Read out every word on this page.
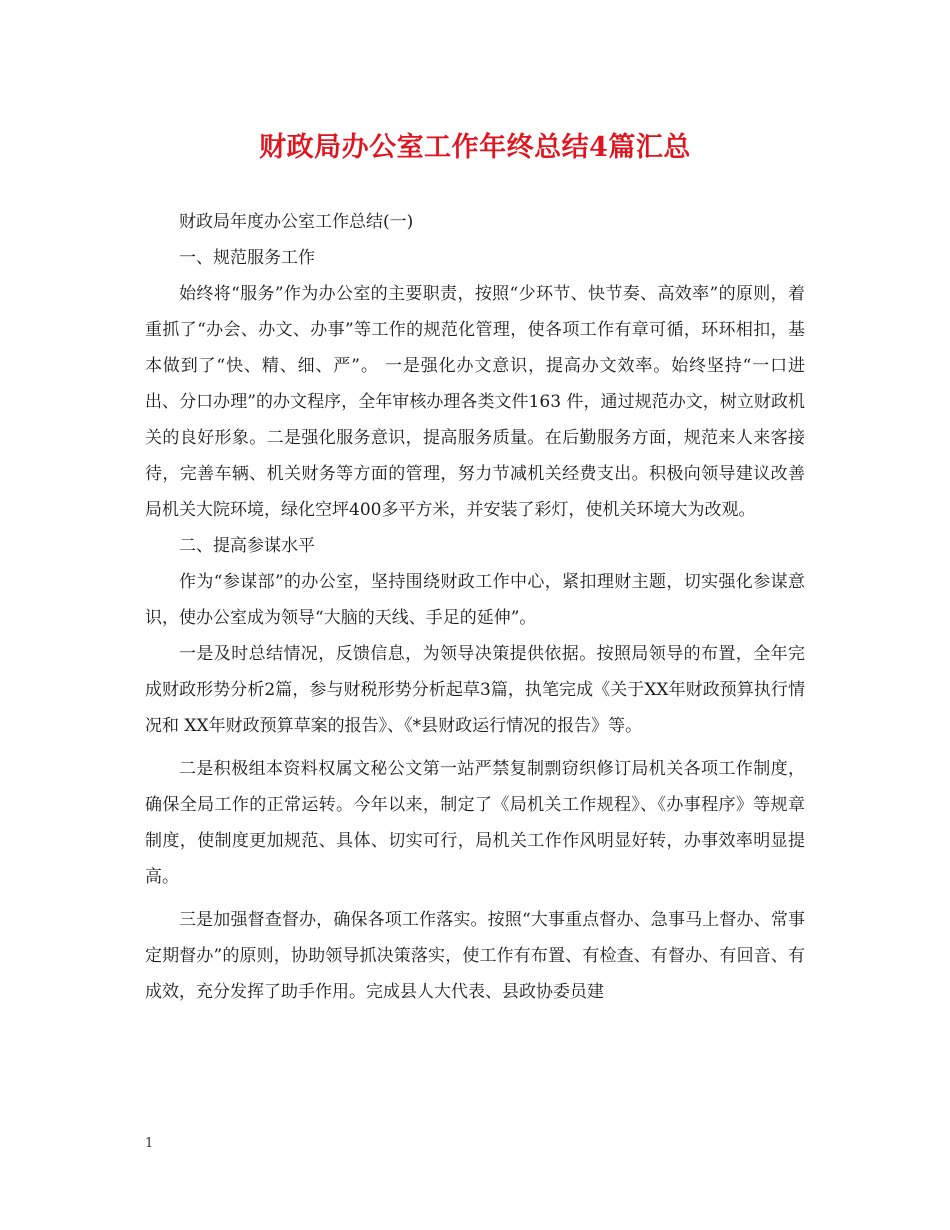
财政局办公室工作年终总结4篇汇总

财政局年度办公室工作总结(一)

一、规范服务工作

始终将“服务”作为办公室的主要职责，按照“少环节、快节奏、高效率”的原则，着重抓了“办会、办文、办事”等工作的规范化管理，使各项工作有章可循，环环相扣，基本做到了“快、精、细、严”。 一是强化办文意识，提高办文效率。始终坚持“一口进出、分口办理”的办文程序，全年审核办理各类文件163 件，通过规范办文，树立财政机关的良好形象。二是强化服务意识，提高服务质量。在后勤服务方面，规范来人来客接待，完善车辆、机关财务等方面的管理，努力节减机关经费支出。积极向领导建议改善局机关大院环境，绿化空坪400多平方米，并安装了彩灯，使机关环境大为改观。

二、提高参谋水平

作为“参谋部”的办公室，坚持围绕财政工作中心，紧扣理财主题，切实强化参谋意识，使办公室成为领导“大脑的天线、手足的延伸”。

一是及时总结情况，反馈信息，为领导决策提供依据。按照局领导的布置，全年完成财政形势分析2篇，参与财税形势分析起草3篇，执笔完成《关于XX年财政预算执行情况和 XX年财政预算草案的报告》、《*县财政运行情况的报告》等。

二是积极组本资料权属文秘公文第一站严禁复制剽窃织修订局机关各项工作制度，确保全局工作的正常运转。今年以来，制定了《局机关工作规程》、《办事程序》等规章制度，使制度更加规范、具体、切实可行，局机关工作作风明显好转，办事效率明显提高。

三是加强督查督办，确保各项工作落实。按照“大事重点督办、急事马上督办、常事定期督办”的原则，协助领导抓决策落实，使工作有布置、有检查、有督办、有回音、有成效，充分发挥了助手作用。完成县人大代表、县政协委员建

1
